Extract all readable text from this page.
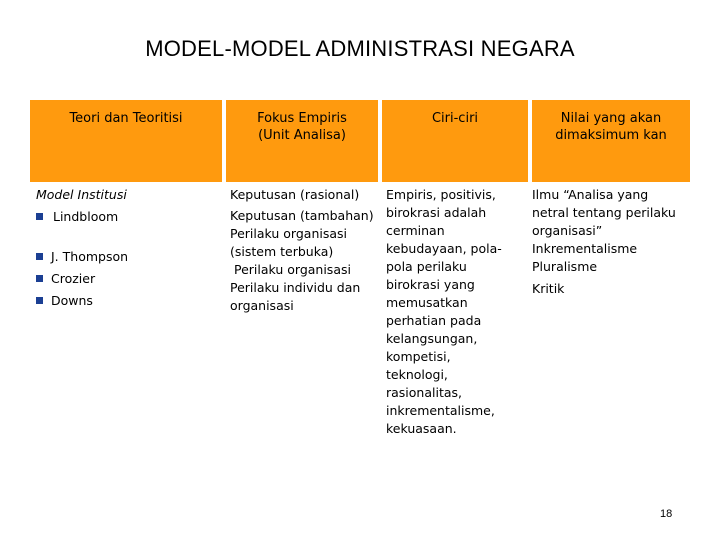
MODEL-MODEL ADMINISTRASI NEGARA
Teori dan Teoritisi	Fokus Empiris
(Unit Analisa)
Ciri-ciri	Nilai yang akan
dimaksimum kan
Model Institusi
Lindbloom
J. Thompson
Crozier
Downs
Keputusan (rasional)
Keputusan (tambahan)
Perilaku organisasi
(sistem terbuka)
Perilaku organisasi
Perilaku individu dan
organisasi
Empiris, positivis,
birokrasi adalah
cerminan
kebudayaan, pola-
pola perilaku
birokrasi yang
memusatkan
perhatian pada
kelangsungan,
kompetisi,
teknologi,
rasionalitas,
inkrementalisme,
kekuasaan.
Ilmu “Analisa yang
netral tentang perilaku
organisasi”
Inkrementalisme
Pluralisme
Kritik
18
